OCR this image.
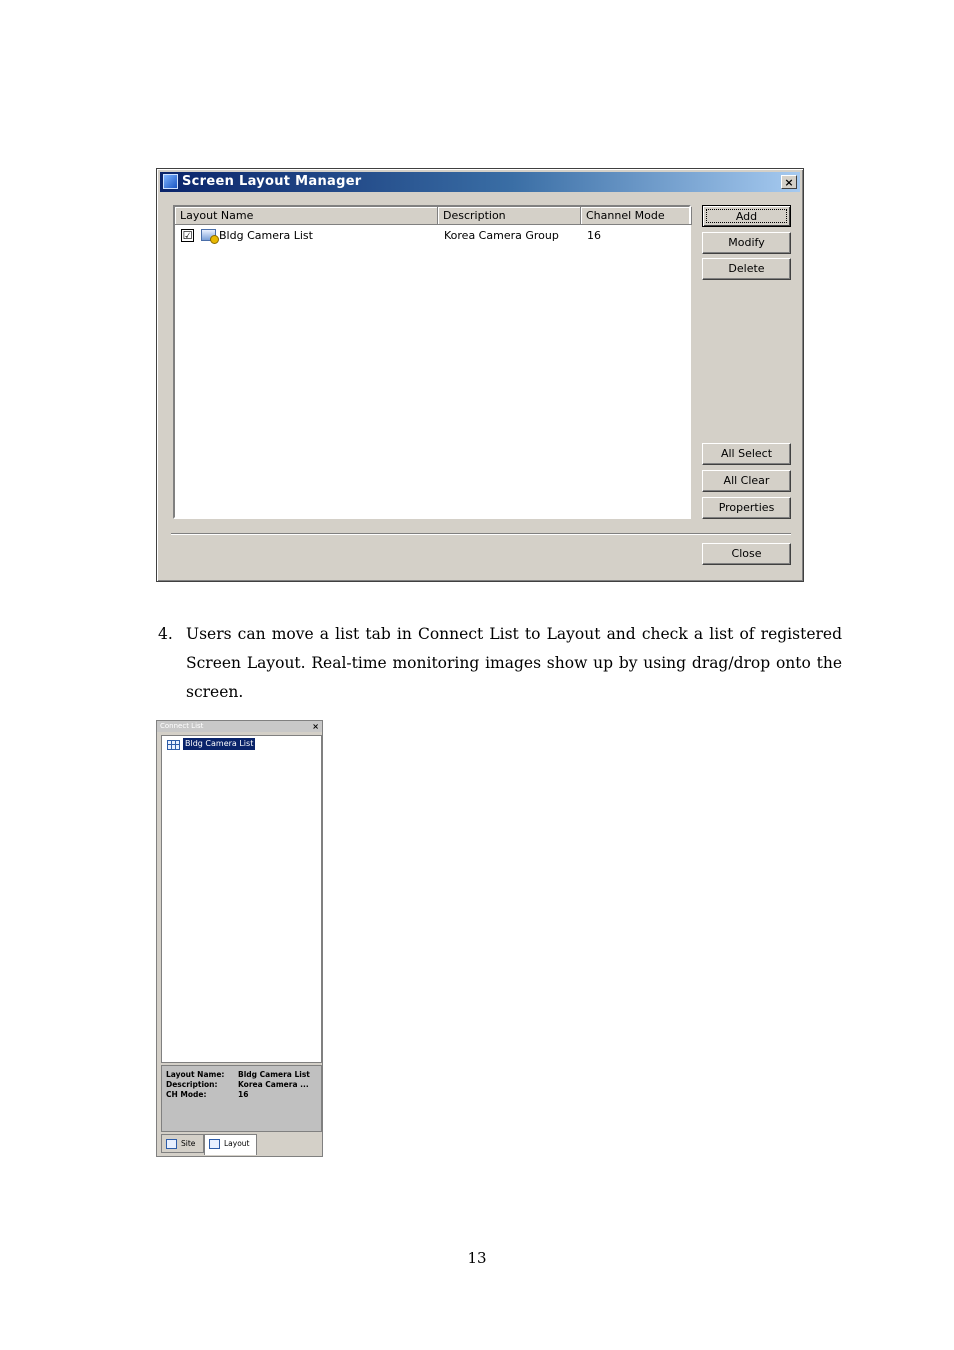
Screen Layout Manager	×
Layout Name	Description	Channel Mode
☑ Bldg Camera List	Korea Camera Group	16
Add
Modify
Delete
All Select
All Clear
Properties
Close
4. Users can move a list tab in Connect List to Layout and check a list of registered Screen Layout. Real-time monitoring images show up by using drag/drop onto the screen.
Connect List	×
Bldg Camera List
Layout Name: Bldg Camera List
Description:	Korea Camera ...
CH Mode:	16
Site	Layout
13
